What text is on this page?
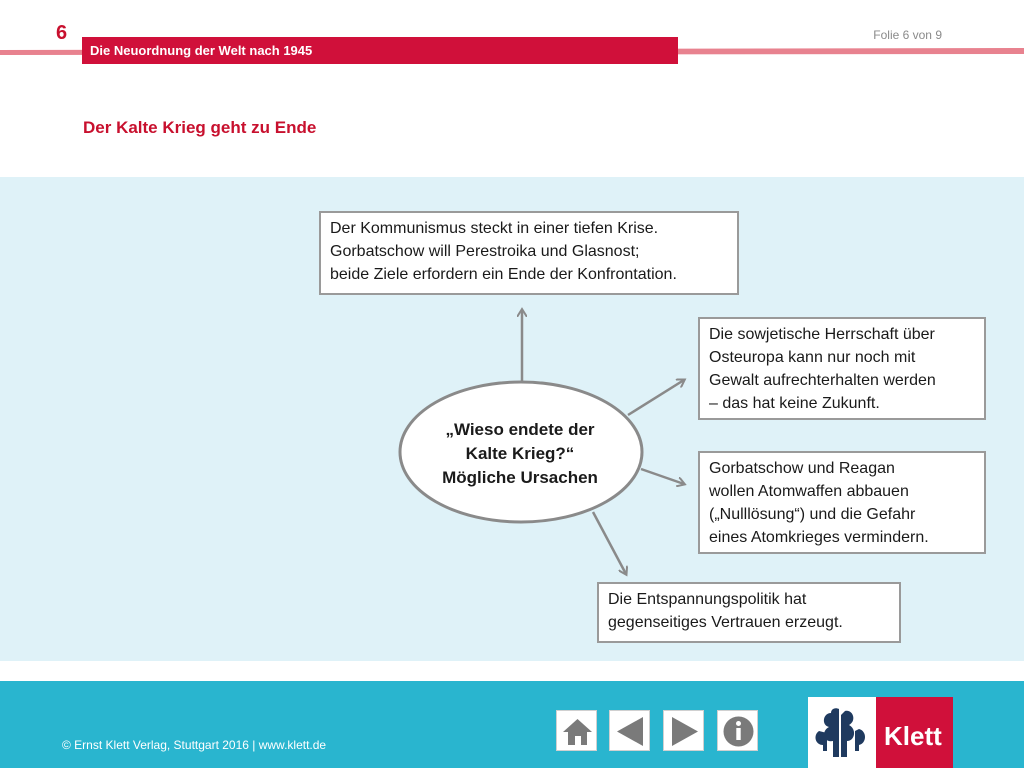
6	Folie 6 von 9
Die Neuordnung der Welt nach 1945
Der Kalte Krieg geht zu Ende
„Wieso endete der
Kalte Krieg?“
Mögliche Ursachen
Der Kommunismus steckt in einer tiefen Krise.
Gorbatschow will Perestroika und Glasnost;
beide Ziele erfordern ein Ende der Konfrontation.
Die sowjetische Herrschaft über
Osteuropa kann nur noch mit
Gewalt aufrechterhalten werden
– das hat keine Zukunft.
Gorbatschow und Reagan
wollen Atomwaffen abbauen
(„Nulllösung“) und die Gefahr
eines Atomkrieges vermindern.
Die Entspannungspolitik hat
gegenseitiges Vertrauen erzeugt.
© Ernst Klett Verlag, Stuttgart 2016 | www.klett.de	Klett
